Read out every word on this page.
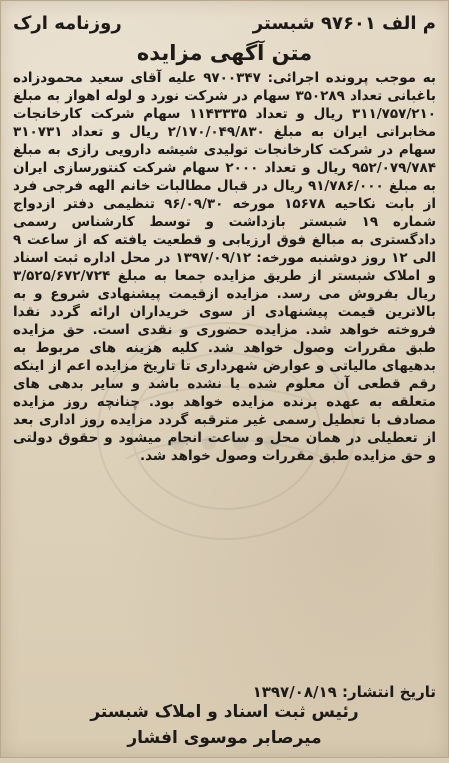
م الف ۹۷۶۰۱ شبستر
روزنامه ارک
متن آگهی مزایده

به موجب پرونده اجرائی: ۹۷۰۰۳۴۷ علیه آقای سعید محمودزاده باغبانی تعداد ۳۵۰۲۸۹ سهام در شرکت نورد و لوله اهواز به مبلغ ۳۱۱/۷۵۷/۲۱۰ ریال و تعداد ۱۱۴۳۳۳۵ سهام شرکت کارخانجات مخابراتی ایران به مبلغ ۲/۱۷۰/۰۴۹/۸۳۰ ریال و تعداد ۳۱۰۷۳۱ سهام در شرکت کارخانجات تولیدی شیشه دارویی رازی به مبلغ ۹۵۲/۰۷۹/۷۸۴ ریال و تعداد ۲۰۰۰ سهام شرکت کنتورسازی ایران به مبلغ ۹۱/۷۸۶/۰۰۰ ریال در قبال مطالبات خانم الهه فرجی فرد از بابت نکاحیه ۱۵۶۷۸ مورخه ۹۶/۰۹/۳۰ تنظیمی دفتر ازدواج شماره ۱۹ شبستر بازداشت و توسط کارشناس رسمی دادگستری به مبالغ فوق ارزیابی و قطعیت یافته که از ساعت ۹ الی ۱۲ روز دوشنبه مورخه: ۱۳۹۷/۰۹/۱۲ در محل اداره ثبت اسناد و املاک شبستر از طریق مزایده جمعا به مبلغ ۳/۵۲۵/۶۷۲/۷۲۴ ریال بفروش می رسد. مزایده ازقیمت پیشنهادی شروع و به بالاترین قیمت پیشنهادی از سوی خریداران ارائه گردد نقدا فروخته خواهد شد. مزایده حضوری و نقدی است. حق مزایده طبق مقررات وصول خواهد شد. کلیه هزینه های مربوط به بدهیهای مالیاتی و عوارض شهرداری تا تاریخ مزایده اعم از اینکه رقم قطعی آن معلوم شده یا نشده باشد و سایر بدهی های متعلقه به عهده برنده مزایده خواهد بود. چنانچه روز مزایده مصادف با تعطیل رسمی غیر مترقبه گردد مزایده روز اداری بعد از تعطیلی در همان محل و ساعت انجام میشود و حقوق دولتی و حق مزایده طبق مقررات وصول خواهد شد.

تاریخ انتشار: ۱۳۹۷/۰۸/۱۹
رئیس ثبت اسناد و املاک شبستر
میرصابر موسوی افشار
